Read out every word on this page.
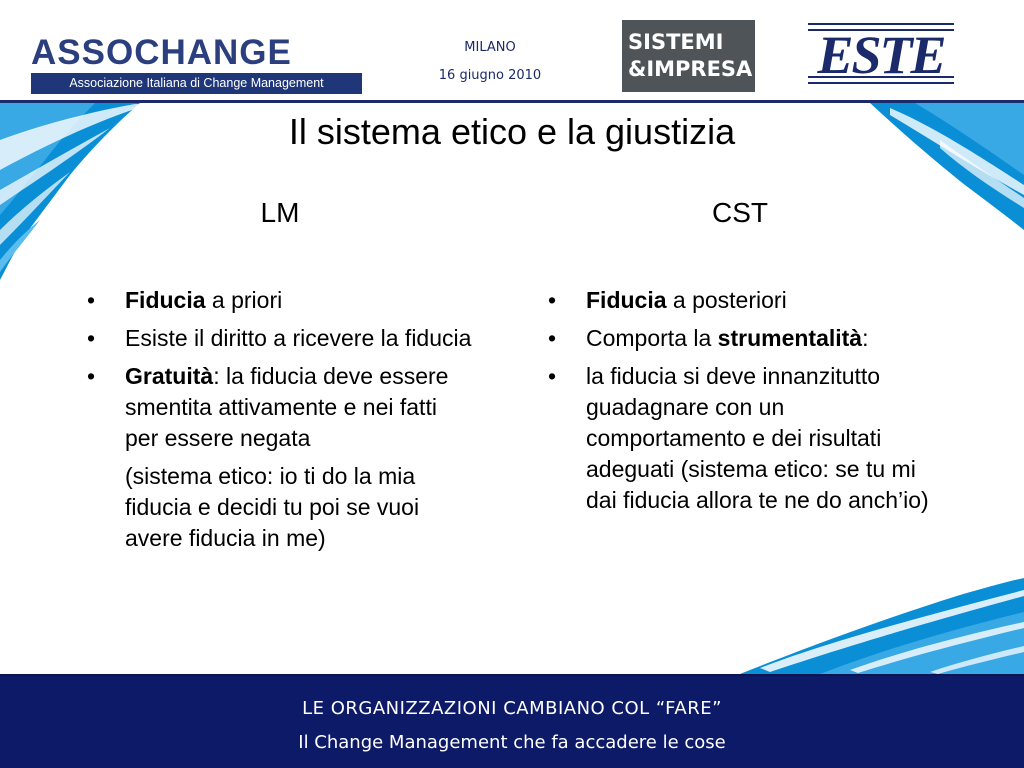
ASSOCHANGE
Associazione Italiana di Change Management
MILANO
16 giugno 2010
SISTEMI
&IMPRESA ESTE
Il sistema etico e la giustizia
LM	CST
•	Fiducia a priori
•	Esiste il diritto a ricevere la fiducia
•	Gratuità: la fiducia deve essere smentita attivamente e nei fatti per essere negata
(sistema etico: io ti do la mia fiducia e decidi tu poi se vuoi avere fiducia in me)
•	Fiducia a posteriori
•	Comporta la strumentalità:
•	la fiducia si deve innanzitutto guadagnare con un comportamento e dei risultati adeguati (sistema etico: se tu mi dai fiducia allora te ne do anch’io)
LE ORGANIZZAZIONI CAMBIANO COL “FARE”
Il Change Management che fa accadere le cose
